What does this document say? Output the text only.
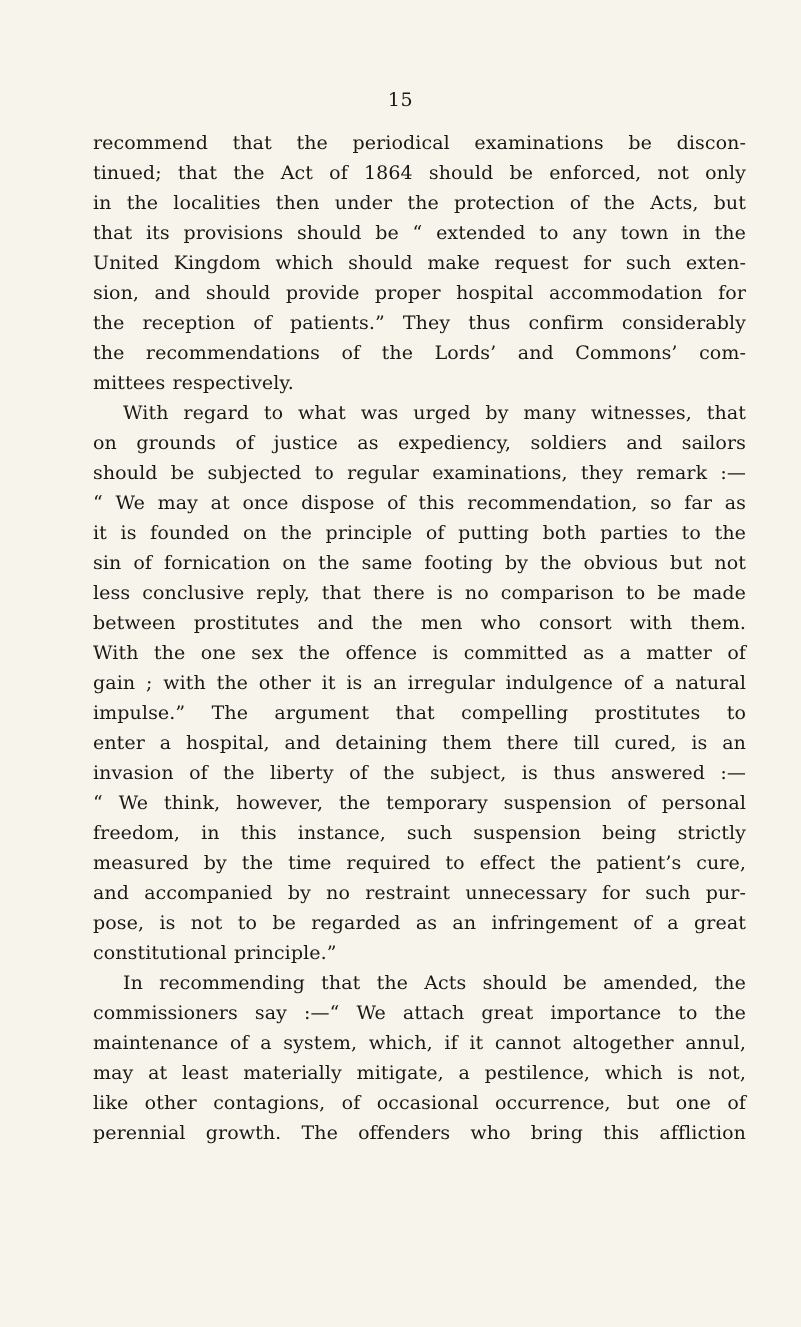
15
recommend that the periodical examinations be discon-
tinued; that the Act of 1864 should be enforced, not only
in the localities then under the protection of the Acts, but
that its provisions should be “ extended to any town in the
United Kingdom which should make request for such exten-
sion, and should provide proper hospital accommodation for
the reception of patients.” They thus confirm considerably
the recommendations of the Lords’ and Commons’ com-
mittees respectively.
With regard to what was urged by many witnesses, that
on grounds of justice as expediency, soldiers and sailors
should be subjected to regular examinations, they remark :—
“ We may at once dispose of this recommendation, so far as
it is founded on the principle of putting both parties to the
sin of fornication on the same footing by the obvious but not
less conclusive reply, that there is no comparison to be made
between prostitutes and the men who consort with them.
With the one sex the offence is committed as a matter of
gain ; with the other it is an irregular indulgence of a natural
impulse.” The argument that compelling prostitutes to
enter a hospital, and detaining them there till cured, is an
invasion of the liberty of the subject, is thus answered :—
“ We think, however, the temporary suspension of personal
freedom, in this instance, such suspension being strictly
measured by the time required to effect the patient’s cure,
and accompanied by no restraint unnecessary for such pur-
pose, is not to be regarded as an infringement of a great
constitutional principle.”
In recommending that the Acts should be amended, the
commissioners say :—“ We attach great importance to the
maintenance of a system, which, if it cannot altogether annul,
may at least materially mitigate, a pestilence, which is not,
like other contagions, of occasional occurrence, but one of
perennial growth. The offenders who bring this affliction
